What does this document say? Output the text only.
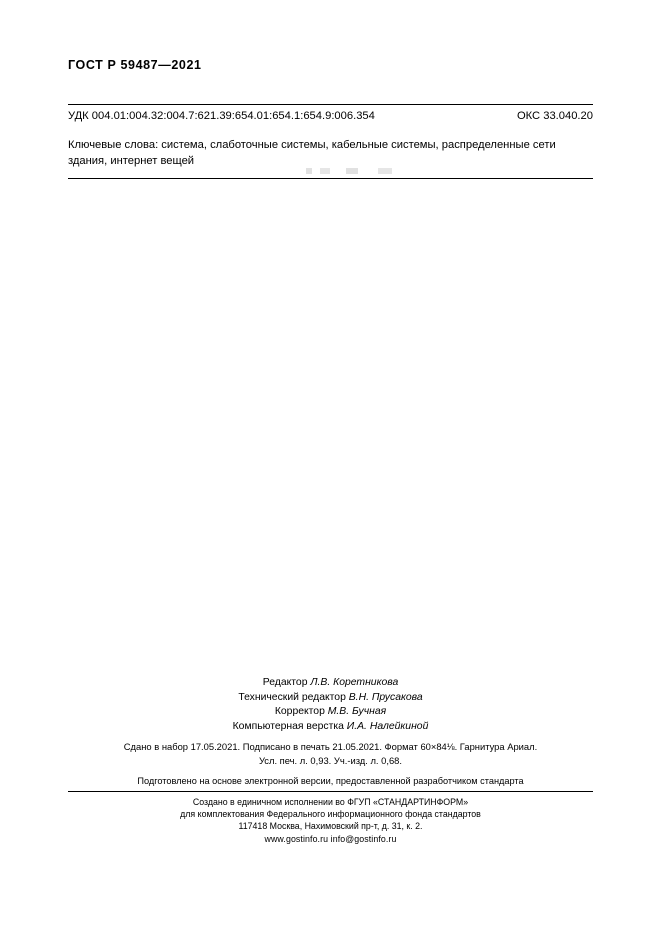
ГОСТ Р 59487—2021
УДК 004.01:004.32:004.7:621.39:654.01:654.1:654.9:006.354	ОКС 33.040.20
Ключевые слова: система, слаботочные системы, кабельные системы, распределенные сети здания, интернет вещей
Редактор Л.В. Коретникова
Технический редактор В.Н. Прусакова
Корректор М.В. Бучная
Компьютерная верстка И.А. Налейкиной
Сдано в набор 17.05.2021. Подписано в печать 21.05.2021. Формат 60×84⅛. Гарнитура Ариал.
Усл. печ. л. 0,93. Уч.-изд. л. 0,68.
Подготовлено на основе электронной версии, предоставленной разработчиком стандарта
Создано в единичном исполнении во ФГУП «СТАНДАРТИНФОРМ»
для комплектования Федерального информационного фонда стандартов
117418 Москва, Нахимовский пр-т, д. 31, к. 2.
www.gostinfo.ru info@gostinfo.ru
